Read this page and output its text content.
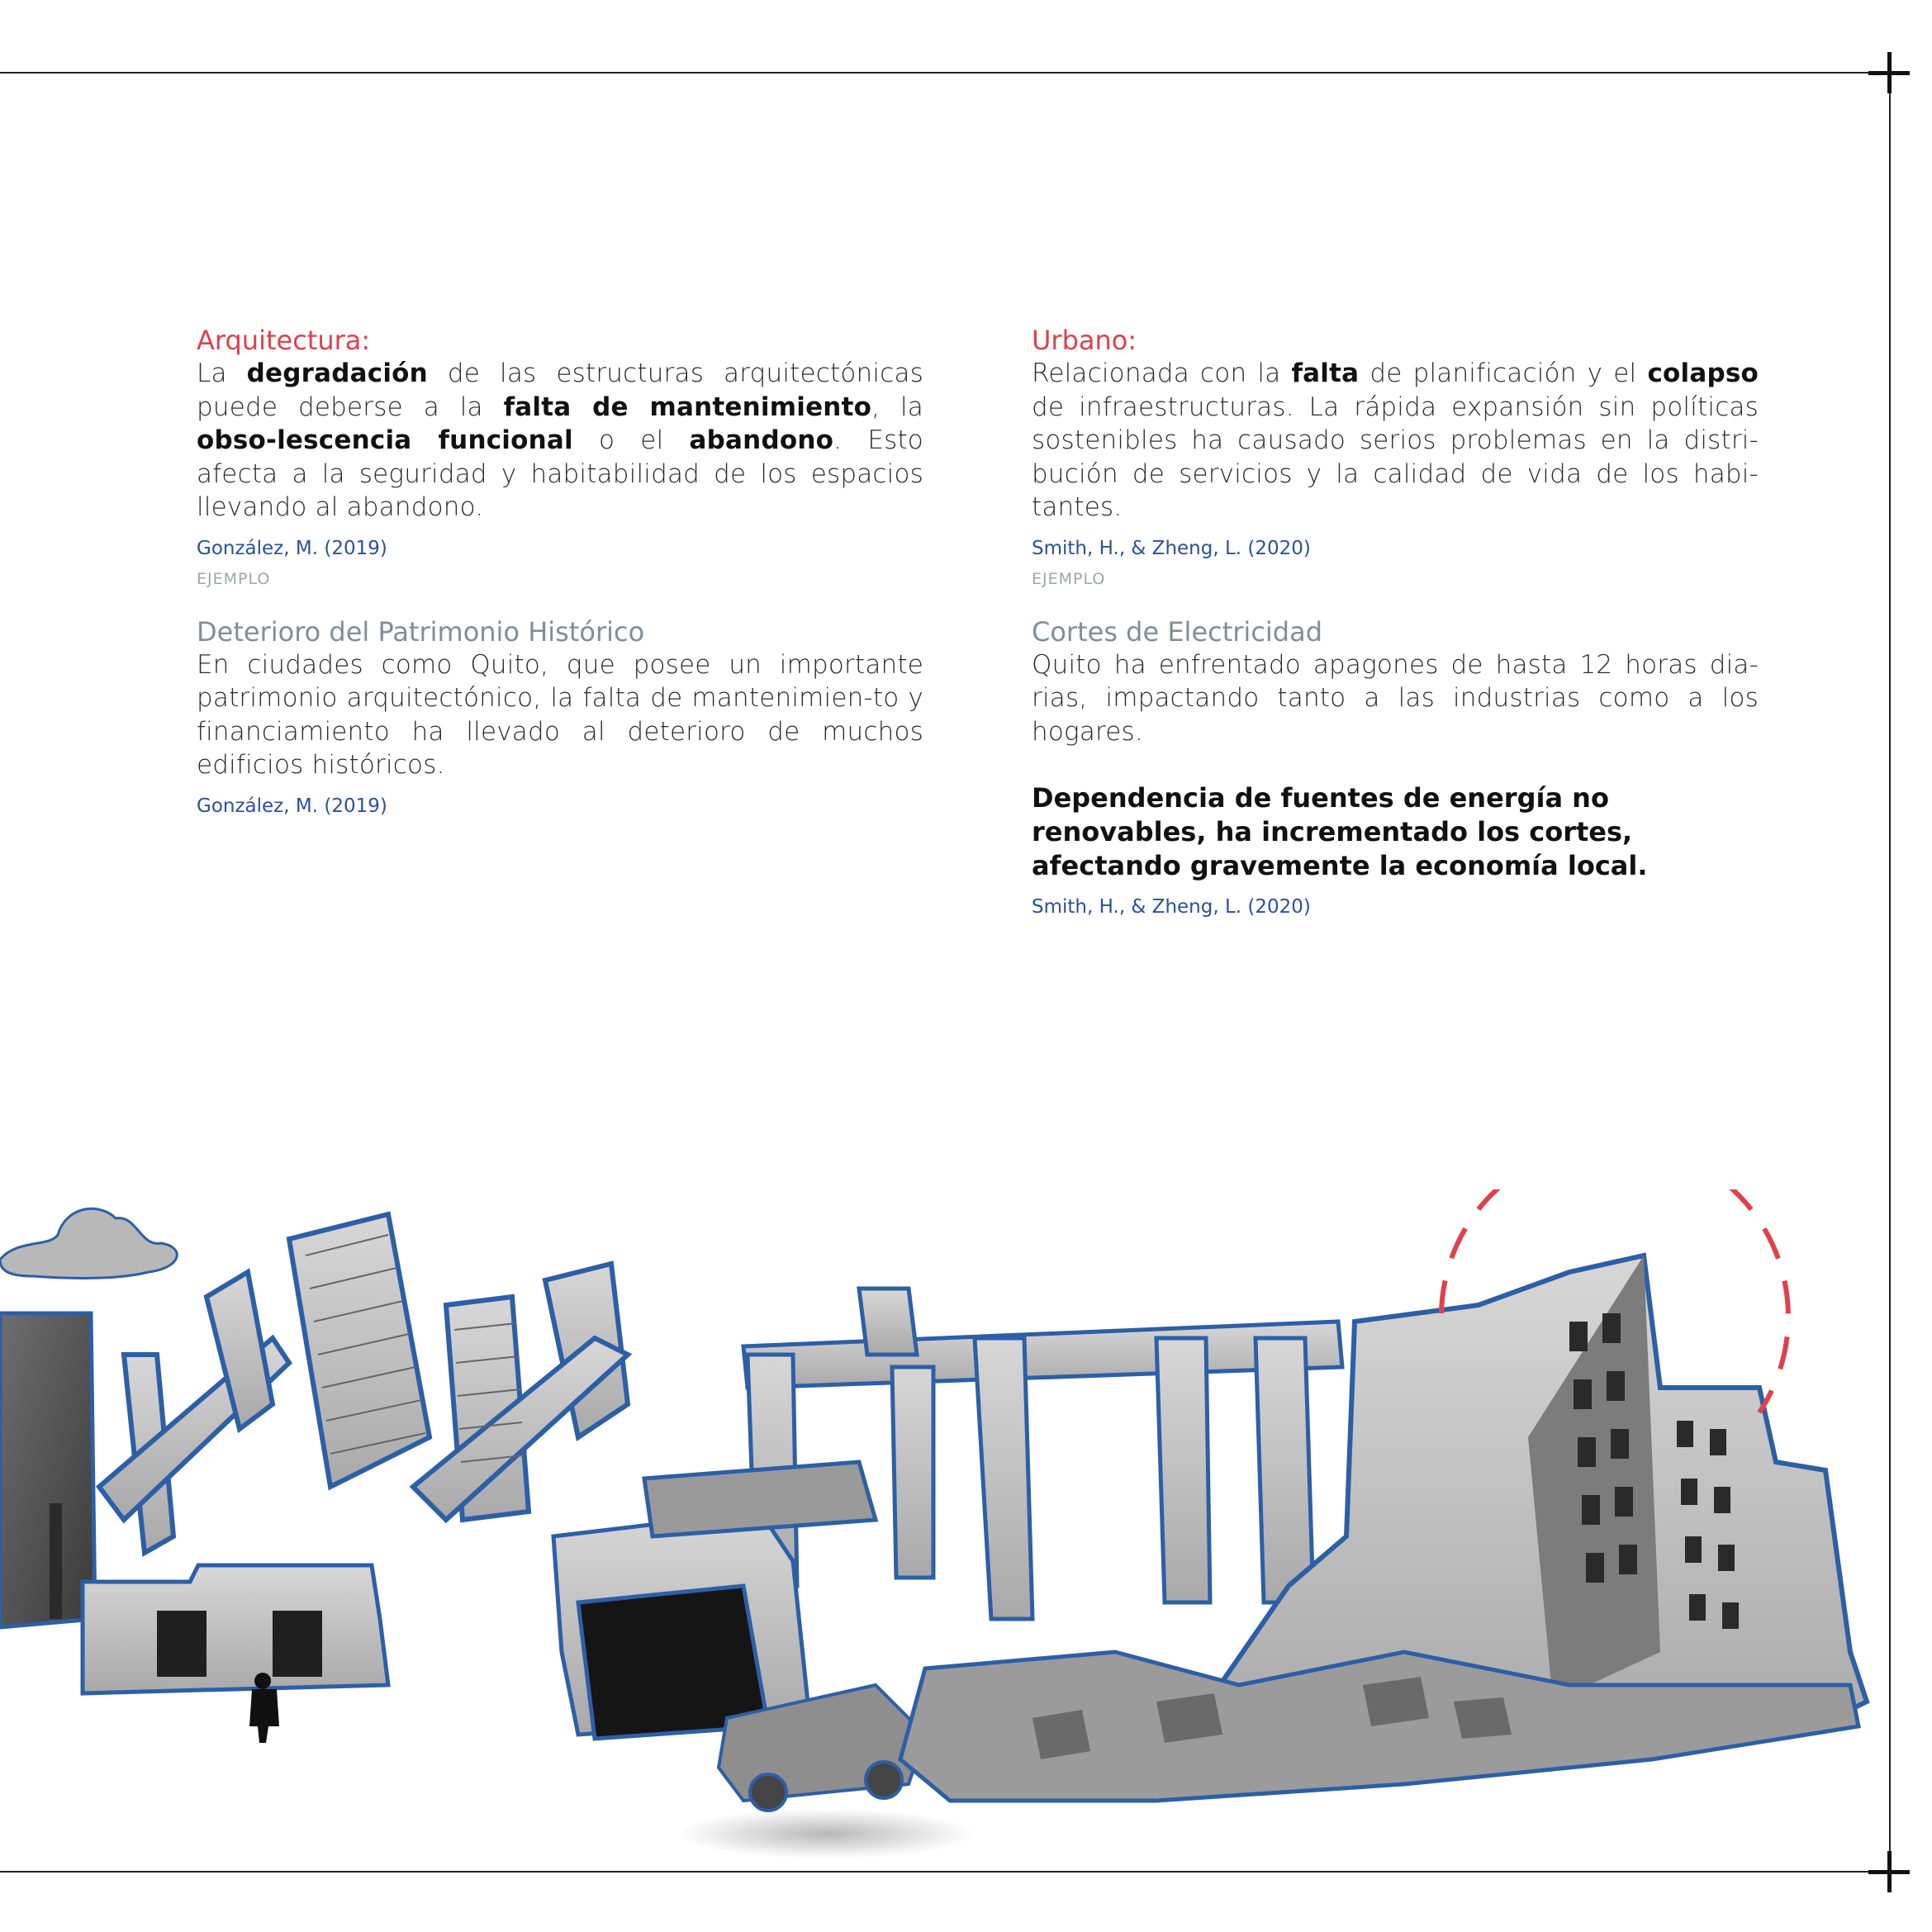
Arquitectura:

La degradación de las estructuras arquitectónicas puede deberse a la falta de mantenimiento, la obso-lescencia funcional o el abandono. Esto afecta a la seguridad y habitabilidad de los espacios llevando al abandono.

González, M. (2019)

EJEMPLO

Deterioro del Patrimonio Histórico

En ciudades como Quito, que posee un importante patrimonio arquitectónico, la falta de mantenimien-to y financiamiento ha llevado al deterioro de muchos edificios históricos.

González, M. (2019)

Urbano:

Relacionada con la falta de planificación y el colapso de infraestructuras. La rápida expansión sin políticas sostenibles ha causado serios problemas en la distri-bución de servicios y la calidad de vida de los habi-tantes.

Smith, H., & Zheng, L. (2020)

EJEMPLO

Cortes de Electricidad

Quito ha enfrentado apagones de hasta 12 horas dia-rias, impactando tanto a las industrias como a los hogares.

Dependencia de fuentes de energía no renovables, ha incrementado los cortes, afectando gravemente la economía local.

Smith, H., & Zheng, L. (2020)
